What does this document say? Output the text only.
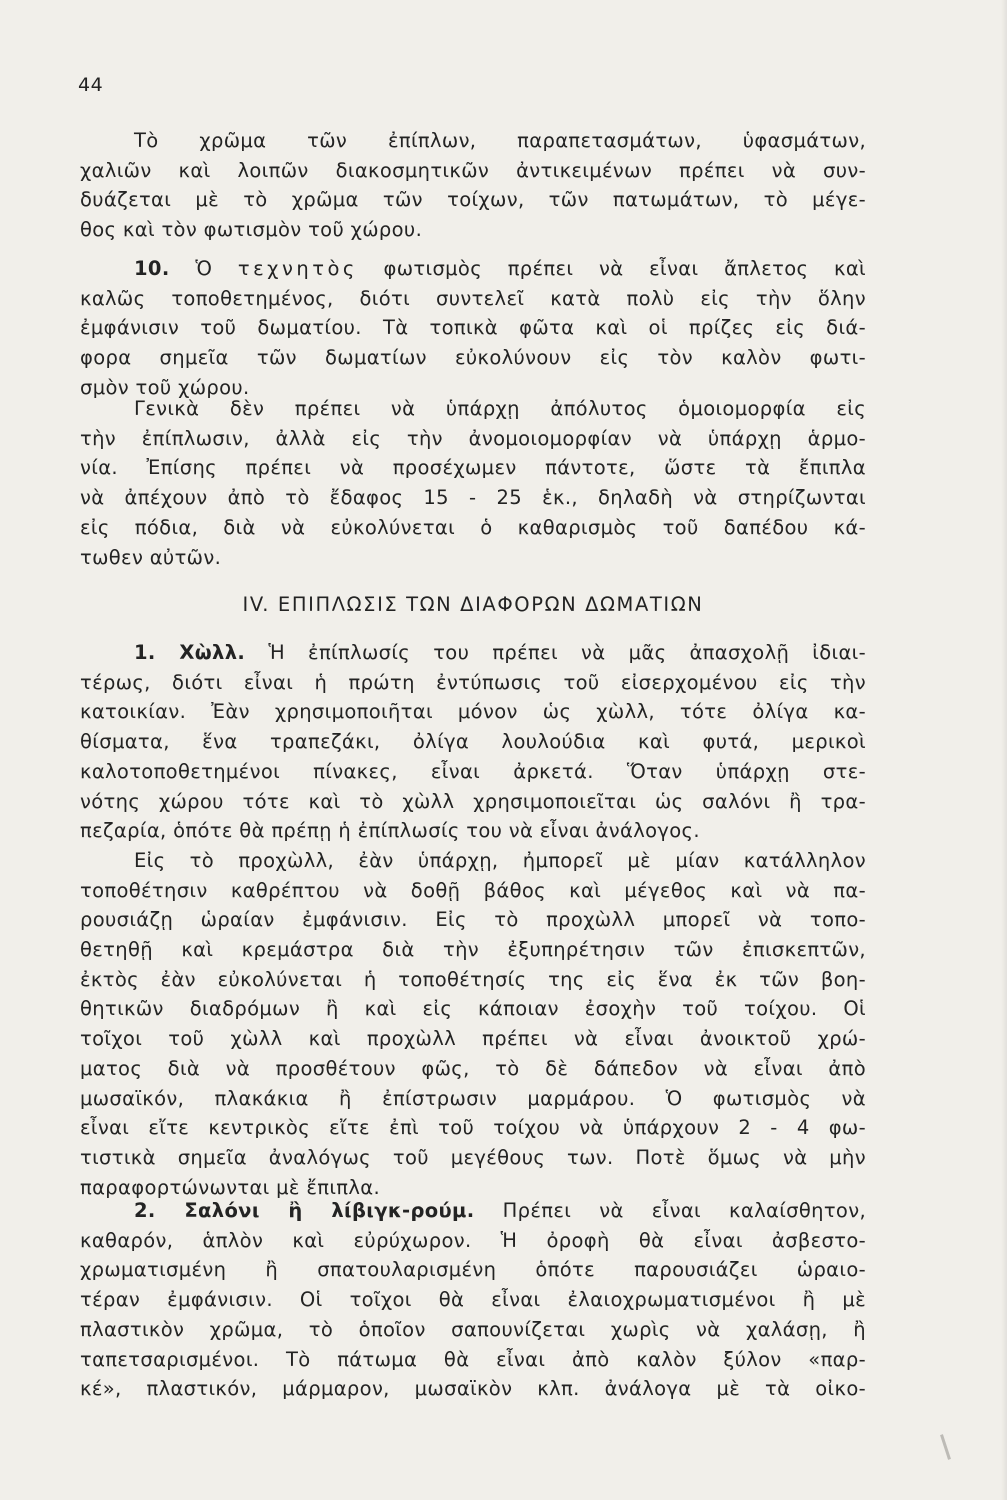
44
Τὸ χρῶμα τῶν ἐπίπλων, παραπετασμάτων, ὑφασμάτων,
χαλιῶν καὶ λοιπῶν διακοσμητικῶν ἀντικειμένων πρέπει νὰ συν-
δυάζεται μὲ τὸ χρῶμα τῶν τοίχων, τῶν πατωμάτων, τὸ μέγε-
θος καὶ τὸν φωτισμὸν τοῦ χώρου.
10. Ὁ τεχνητὸς φωτισμὸς πρέπει νὰ εἶναι ἄπλετος καὶ
καλῶς τοποθετημένος, διότι συντελεῖ κατὰ πολὺ εἰς τὴν ὅλην
ἐμφάνισιν τοῦ δωματίου. Τὰ τοπικὰ φῶτα καὶ οἱ πρίζες εἰς διά-
φορα σημεῖα τῶν δωματίων εὐκολύνουν εἰς τὸν καλὸν φωτι-
σμὸν τοῦ χώρου.
Γενικὰ δὲν πρέπει νὰ ὑπάρχῃ ἀπόλυτος ὁμοιομορφία εἰς
τὴν ἐπίπλωσιν, ἀλλὰ εἰς τὴν ἀνομοιομορφίαν νὰ ὑπάρχῃ ἁρμο-
νία. Ἐπίσης πρέπει νὰ προσέχωμεν πάντοτε, ὥστε τὰ ἔπιπλα
νὰ ἀπέχουν ἀπὸ τὸ ἔδαφος 15 - 25 ἑκ., δηλαδὴ νὰ στηρίζωνται
εἰς πόδια, διὰ νὰ εὐκολύνεται ὁ καθαρισμὸς τοῦ δαπέδου κά-
τωθεν αὐτῶν.
IV. ΕΠΙΠΛΩΣΙΣ ΤΩΝ ΔΙΑΦΟΡΩΝ ΔΩΜΑΤΙΩΝ
1. Χὼλλ. Ἡ ἐπίπλωσίς του πρέπει νὰ μᾶς ἀπασχολῇ ἰδιαι-
τέρως, διότι εἶναι ἡ πρώτη ἐντύπωσις τοῦ εἰσερχομένου εἰς τὴν
κατοικίαν. Ἐὰν χρησιμοποιῆται μόνον ὡς χὼλλ, τότε ὀλίγα κα-
θίσματα, ἕνα τραπεζάκι, ὀλίγα λουλούδια καὶ φυτά, μερικοὶ
καλοτοποθετημένοι πίνακες, εἶναι ἀρκετά. Ὅταν ὑπάρχῃ στε-
νότης χώρου τότε καὶ τὸ χὼλλ χρησιμοποιεῖται ὡς σαλόνι ἢ τρα-
πεζαρία, ὁπότε θὰ πρέπῃ ἡ ἐπίπλωσίς του νὰ εἶναι ἀνάλογος.
Εἰς τὸ προχὼλλ, ἐὰν ὑπάρχῃ, ἠμπορεῖ μὲ μίαν κατάλληλον
τοποθέτησιν καθρέπτου νὰ δοθῇ βάθος καὶ μέγεθος καὶ νὰ πα-
ρουσιάζῃ ὡραίαν ἐμφάνισιν. Εἰς τὸ προχὼλλ μπορεῖ νὰ τοπο-
θετηθῇ καὶ κρεμάστρα διὰ τὴν ἐξυπηρέτησιν τῶν ἐπισκεπτῶν,
ἐκτὸς ἐὰν εὐκολύνεται ἡ τοποθέτησίς της εἰς ἕνα ἐκ τῶν βοη-
θητικῶν διαδρόμων ἢ καὶ εἰς κάποιαν ἐσοχὴν τοῦ τοίχου. Οἱ
τοῖχοι τοῦ χὼλλ καὶ προχὼλλ πρέπει νὰ εἶναι ἀνοικτοῦ χρώ-
ματος διὰ νὰ προσθέτουν φῶς, τὸ δὲ δάπεδον νὰ εἶναι ἀπὸ
μωσαϊκόν, πλακάκια ἢ ἐπίστρωσιν μαρμάρου. Ὁ φωτισμὸς νὰ
εἶναι εἴτε κεντρικὸς εἴτε ἐπὶ τοῦ τοίχου νὰ ὑπάρχουν 2 - 4 φω-
τιστικὰ σημεῖα ἀναλόγως τοῦ μεγέθους των. Ποτὲ ὅμως νὰ μὴν
παραφορτώνωνται μὲ ἔπιπλα.
2. Σαλόνι ἢ λίβιγκ-ρούμ. Πρέπει νὰ εἶναι καλαίσθητον,
καθαρόν, ἁπλὸν καὶ εὐρύχωρον. Ἡ ὀροφὴ θὰ εἶναι ἀσβεστο-
χρωματισμένη ἢ σπατουλαρισμένη ὁπότε παρουσιάζει ὡραιο-
τέραν ἐμφάνισιν. Οἱ τοῖχοι θὰ εἶναι ἐλαιοχρωματισμένοι ἢ μὲ
πλαστικὸν χρῶμα, τὸ ὁποῖον σαπουνίζεται χωρὶς νὰ χαλάσῃ, ἢ
ταπετσαρισμένοι. Τὸ πάτωμα θὰ εἶναι ἀπὸ καλὸν ξύλον «παρ-
κέ», πλαστικόν, μάρμαρον, μωσαϊκὸν κλπ. ἀνάλογα μὲ τὰ οἰκο-
